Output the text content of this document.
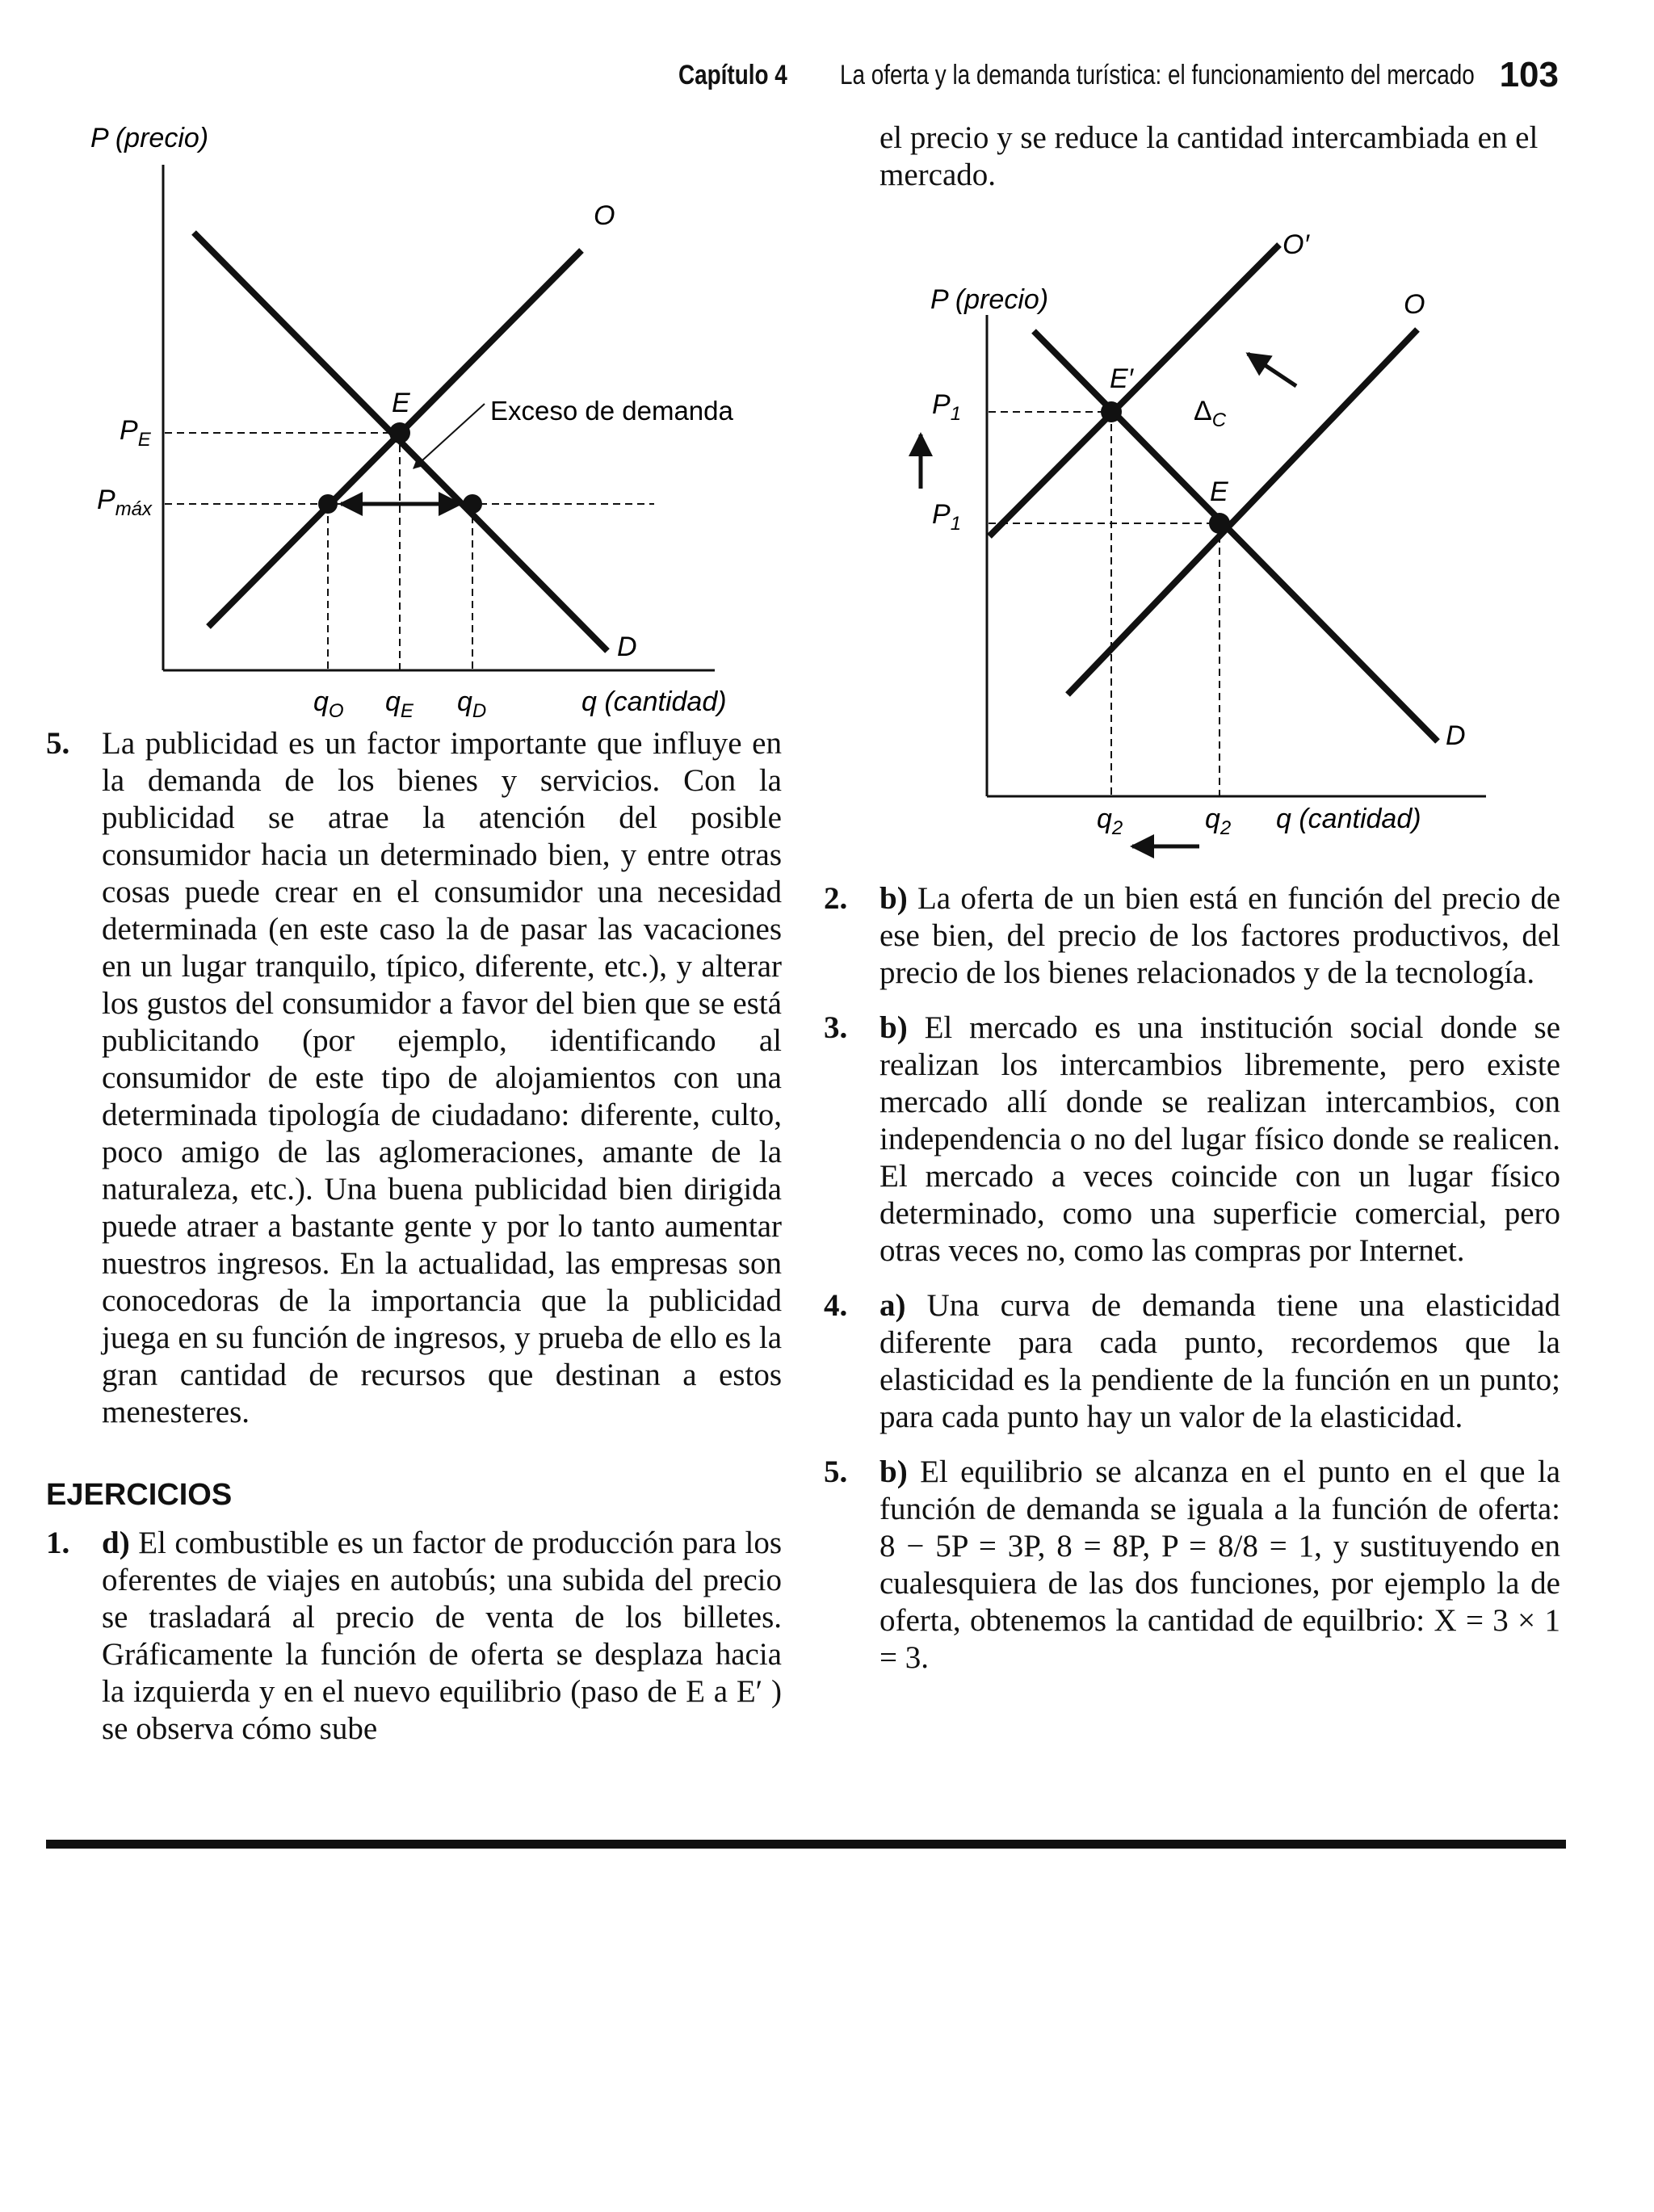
Capítulo 4 La oferta y la demanda turística: el funcionamiento del mercado 103
P (precio)
O
D
E	Exceso de demanda
$P_E$
$P_{máx}$
$q_O$ $q_E$ $q_D$	q (cantidad)

el precio y se reduce la cantidad intercambiada en el mercado.

P (precio)
O′
O
D
E′
E
$\Delta_C$
$P_1$
$P_1$
$q_2$	$q_2$ q (cantidad)
5. La publicidad es un factor importante que influye en la demanda de los bienes y servicios. Con la publicidad se atrae la atención del posible consumidor hacia un determinado bien, y entre otras cosas puede crear en el consumidor una necesidad determinada (en este caso la de pasar las vacaciones en un lugar tranquilo, típico, diferente, etc.), y alterar los gustos del consumidor a favor del bien que se está publicitando (por ejemplo, identificando al consumidor de este tipo de alojamientos con una determinada tipología de ciudadano: diferente, culto, poco amigo de las aglomeraciones, amante de la naturaleza, etc.). Una buena publicidad bien dirigida puede atraer a bastante gente y por lo tanto aumentar nuestros ingresos. En la actualidad, las empresas son conocedoras de la importancia que la publicidad juega en su función de ingresos, y prueba de ello es la gran cantidad de recursos que destinan a estos menesteres.

EJERCICIOS
1. d) El combustible es un factor de producción para los oferentes de viajes en autobús; una subida del precio se trasladará al precio de venta de los billetes. Gráficamente la función de oferta se desplaza hacia la izquierda y en el nuevo equilibrio (paso de E a E′ ) se observa cómo sube

2. b) La oferta de un bien está en función del precio de ese bien, del precio de los factores productivos, del precio de los bienes relacionados y de la tecnología.

3. b) El mercado es una institución social donde se realizan los intercambios libremente, pero existe mercado allí donde se realizan intercambios, con independencia o no del lugar físico donde se realicen. El mercado a veces coincide con un lugar físico determinado, como una superficie comercial, pero otras veces no, como las compras por Internet.

4. a) Una curva de demanda tiene una elasticidad diferente para cada punto, recordemos que la elasticidad es la pendiente de la función en un punto; para cada punto hay un valor de la elasticidad.

5. b) El equilibrio se alcanza en el punto en el que la función de demanda se iguala a la función de oferta: 8 − 5P = 3P, 8 = 8P, P = 8/8 = 1, y sustituyendo en cualesquiera de las dos funciones, por ejemplo la de oferta, obtenemos la cantidad de equilbrio: X = 3 × 1 = 3.
